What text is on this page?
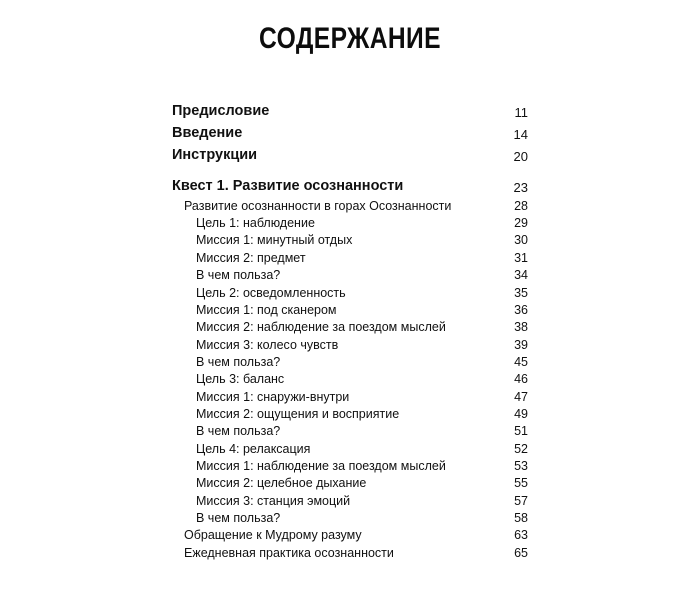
СОДЕРЖАНИЕ
Предисловие	11
Введение	14
Инструкции	20
Квест 1. Развитие осознанности	23
Развитие осознанности в горах Осознанности	28
Цель 1: наблюдение	29
Миссия 1: минутный отдых	30
Миссия 2: предмет	31
В чем польза?	34
Цель 2: осведомленность	35
Миссия 1: под сканером	36
Миссия 2: наблюдение за поездом мыслей	38
Миссия 3: колесо чувств	39
В чем польза?	45
Цель 3: баланс	46
Миссия 1: снаружи-внутри	47
Миссия 2: ощущения и восприятие	49
В чем польза?	51
Цель 4: релаксация	52
Миссия 1: наблюдение за поездом мыслей	53
Миссия 2: целебное дыхание	55
Миссия 3: станция эмоций	57
В чем польза?	58
Обращение к Мудрому разуму	63
Ежедневная практика осознанности	65
